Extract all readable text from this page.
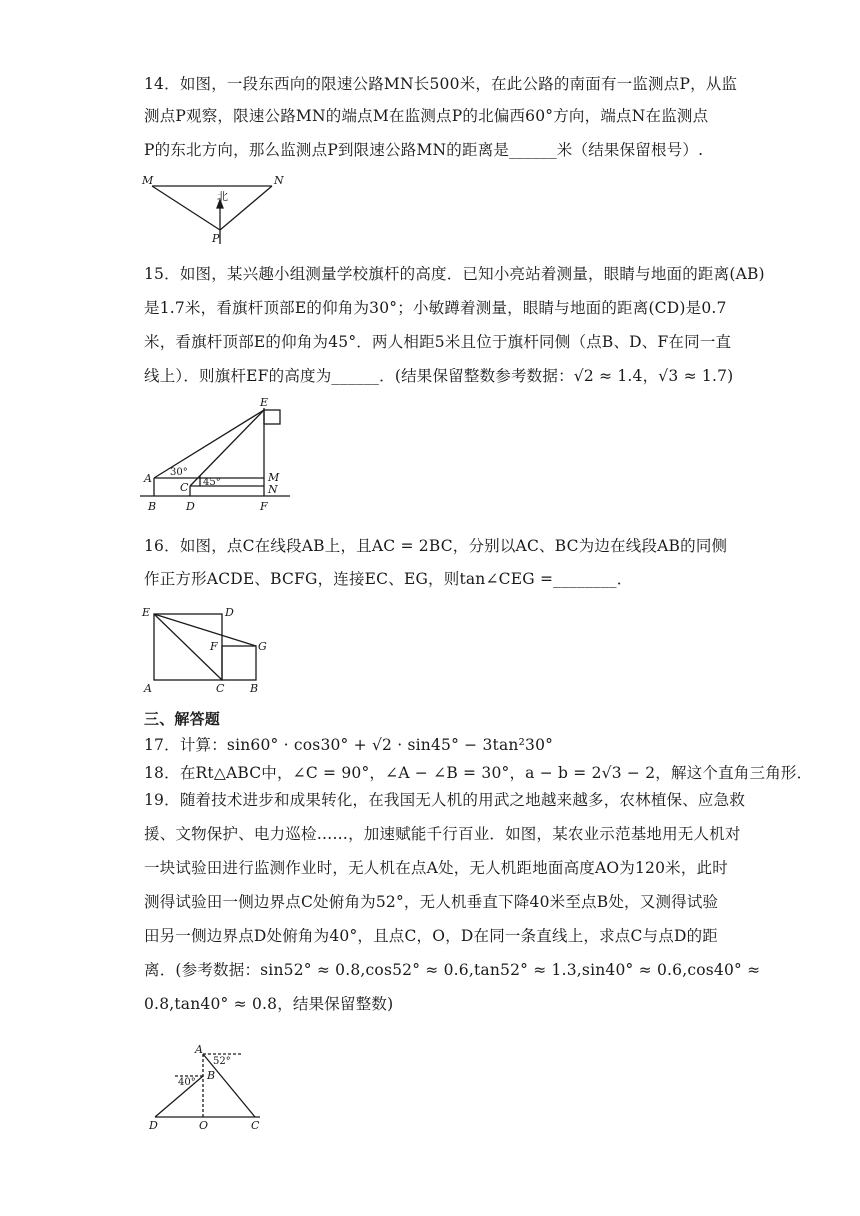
14．如图，一段东西向的限速公路MN长500米，在此公路的南面有一监测点P，从监
测点P观察，限速公路MN的端点M在监测点P的北偏西60°方向，端点N在监测点
P的东北方向，那么监测点P到限速公路MN的距离是______米（结果保留根号）.
M	N
P
北
15．如图，某兴趣小组测量学校旗杆的高度．已知小亮站着测量，眼睛与地面的距离(AB)
是1.7米，看旗杆顶部E的仰角为30°；小敏蹲着测量，眼睛与地面的距离(CD)是0.7
米，看旗杆顶部E的仰角为45°．两人相距5米且位于旗杆同侧（点B、D、F在同一直
线上）．则旗杆EF的高度为______．(结果保留整数参考数据：√2 ≈ 1.4，√3 ≈ 1.7)
A
C
E
M
N
B	D	F
30°
45°
16．如图，点C在线段AB上，且AC = 2BC，分别以AC、BC为边在线段AB的同侧
作正方形ACDE、BCFG，连接EC、EG，则tan∠CEG =________．
E	D
F	G
A	C B
三、解答题
17．计算：sin60° · cos30° + √2 · sin45° − 3tan²30°
18．在Rt△ABC中，∠C = 90°，∠A − ∠B = 30°，a − b = 2√3 − 2，解这个直角三角形．
19．随着技术进步和成果转化，在我国无人机的用武之地越来越多，农林植保、应急救
援、文物保护、电力巡检……，加速赋能千行百业．如图，某农业示范基地用无人机对
一块试验田进行监测作业时，无人机在点A处，无人机距地面高度AO为120米，此时
测得试验田一侧边界点C处俯角为52°，无人机垂直下降40米至点B处，又测得试验
田另一侧边界点D处俯角为40°，且点C，O，D在同一条直线上，求点C与点D的距
离．(参考数据：sin52° ≈ 0.8,cos52° ≈ 0.6,tan52° ≈ 1.3,sin40° ≈ 0.6,cos40° ≈
0.8,tan40° ≈ 0.8，结果保留整数)
A
B
D	O	C
52°
40°
